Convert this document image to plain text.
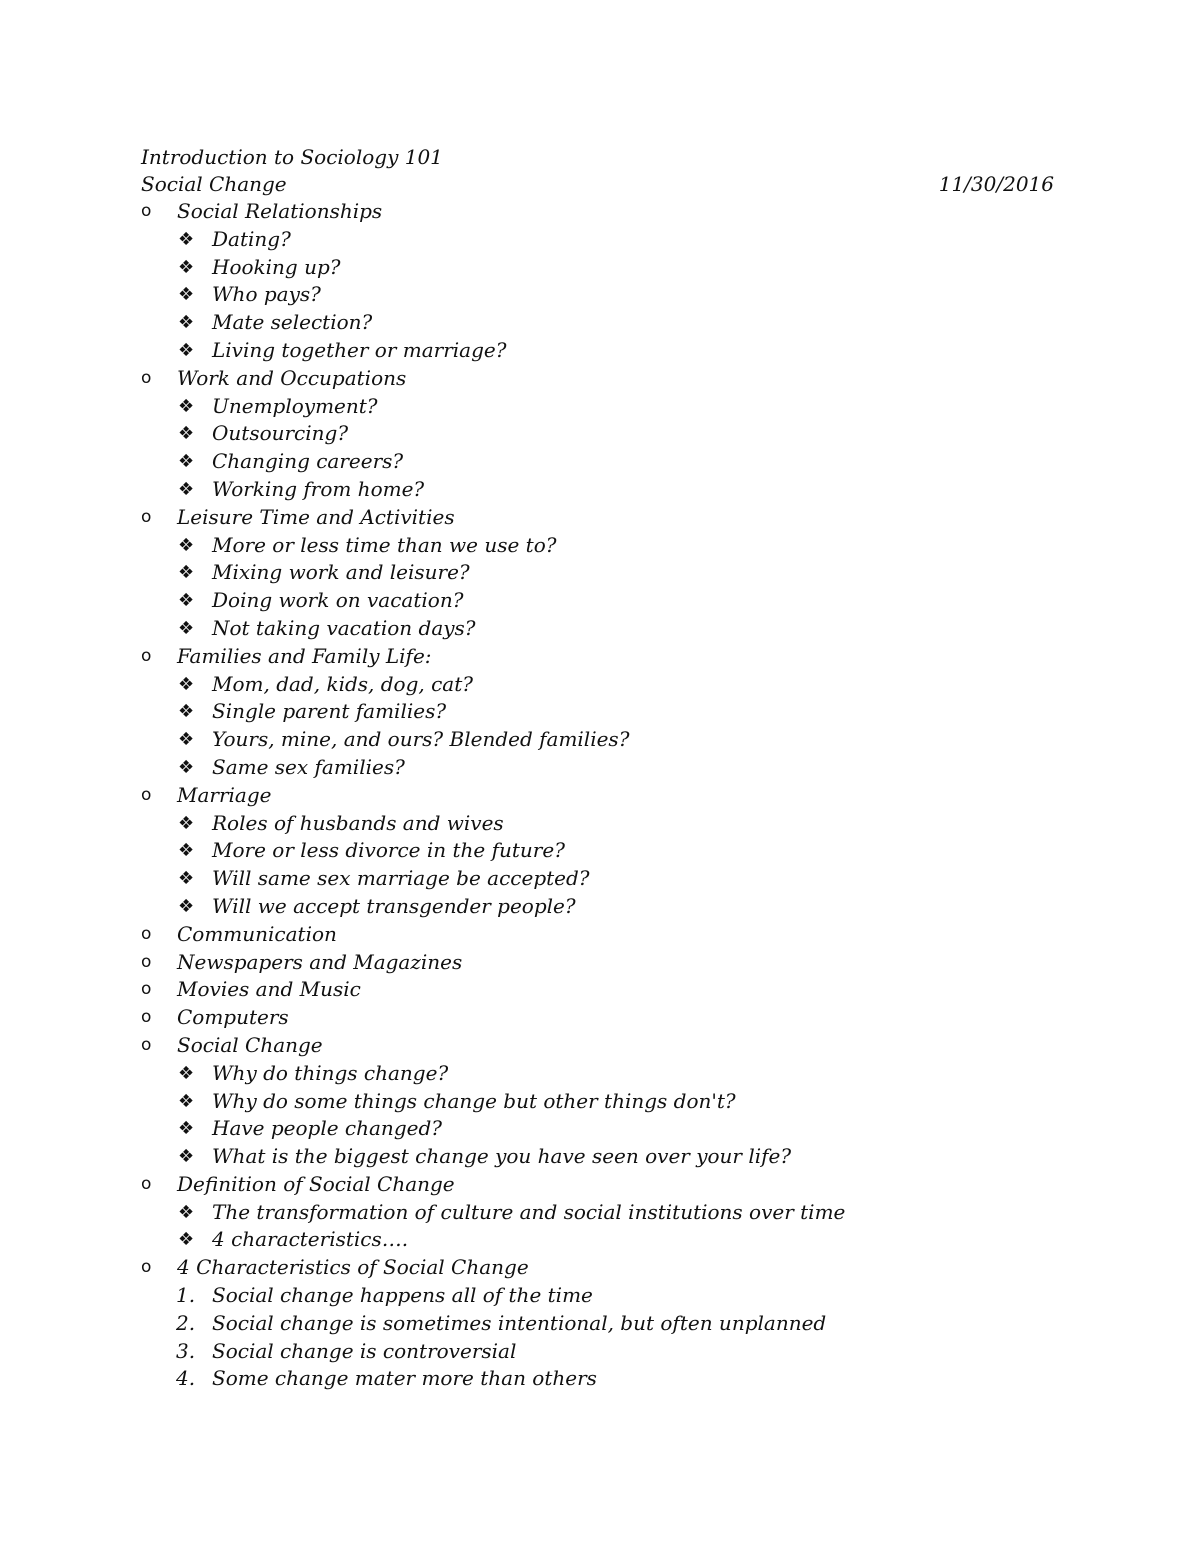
Introduction to Sociology 101
Social Change	11/30/2016
o	Social Relationships
❖ Dating?
❖ Hooking up?
❖ Who pays?
❖ Mate selection?
❖ Living together or marriage?
o	Work and Occupations
❖ Unemployment?
❖ Outsourcing?
❖ Changing careers?
❖ Working from home?
o	Leisure Time and Activities
❖ More or less time than we use to?
❖ Mixing work and leisure?
❖ Doing work on vacation?
❖ Not taking vacation days?
o	Families and Family Life:
❖ Mom, dad, kids, dog, cat?
❖ Single parent families?
❖ Yours, mine, and ours? Blended families?
❖ Same sex families?
o	Marriage
❖ Roles of husbands and wives
❖ More or less divorce in the future?
❖ Will same sex marriage be accepted?
❖ Will we accept transgender people?
o	Communication
o	Newspapers and Magazines
o	Movies and Music
o	Computers
o	Social Change
❖ Why do things change?
❖ Why do some things change but other things don't?
❖ Have people changed?
❖ What is the biggest change you have seen over your life?
o	Definition of Social Change
❖ The transformation of culture and social institutions over time
❖ 4 characteristics….
o	4 Characteristics of Social Change
1. Social change happens all of the time
2. Social change is sometimes intentional, but often unplanned
3. Social change is controversial
4. Some change mater more than others
